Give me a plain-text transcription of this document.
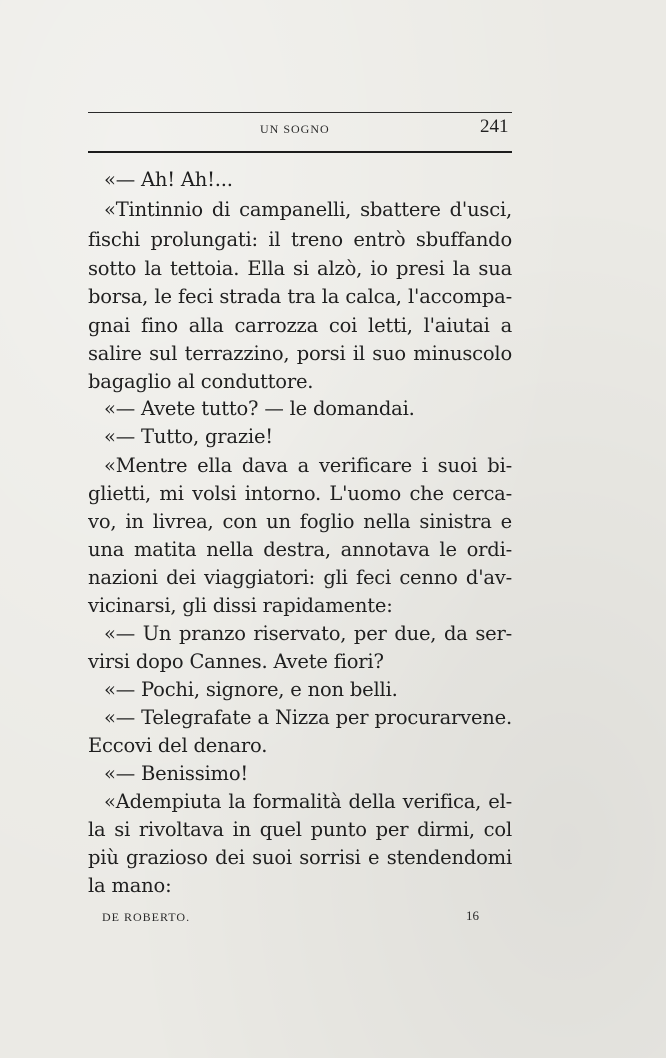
UN SOGNO	241
«— Ah! Ah!...
«Tintinnio di campanelli, sbattere d'usci,
fischi prolungati: il treno entrò sbuffando
sotto la tettoia. Ella si alzò, io presi la sua
borsa, le feci strada tra la calca, l'accompa-
gnai fino alla carrozza coi letti, l'aiutai a
salire sul terrazzino, porsi il suo minuscolo
bagaglio al conduttore.
«— Avete tutto? — le domandai.
«— Tutto, grazie!
«Mentre ella dava a verificare i suoi bi-
glietti, mi volsi intorno. L'uomo che cerca-
vo, in livrea, con un foglio nella sinistra e
una matita nella destra, annotava le ordi-
nazioni dei viaggiatori: gli feci cenno d'av-
vicinarsi, gli dissi rapidamente:
«— Un pranzo riservato, per due, da ser-
virsi dopo Cannes. Avete fiori?
«— Pochi, signore, e non belli.
«— Telegrafate a Nizza per procurarvene.
Eccovi del denaro.
«— Benissimo!
«Adempiuta la formalità della verifica, el-
la si rivoltava in quel punto per dirmi, col
più grazioso dei suoi sorrisi e stendendomi
la mano:
DE ROBERTO.	16
